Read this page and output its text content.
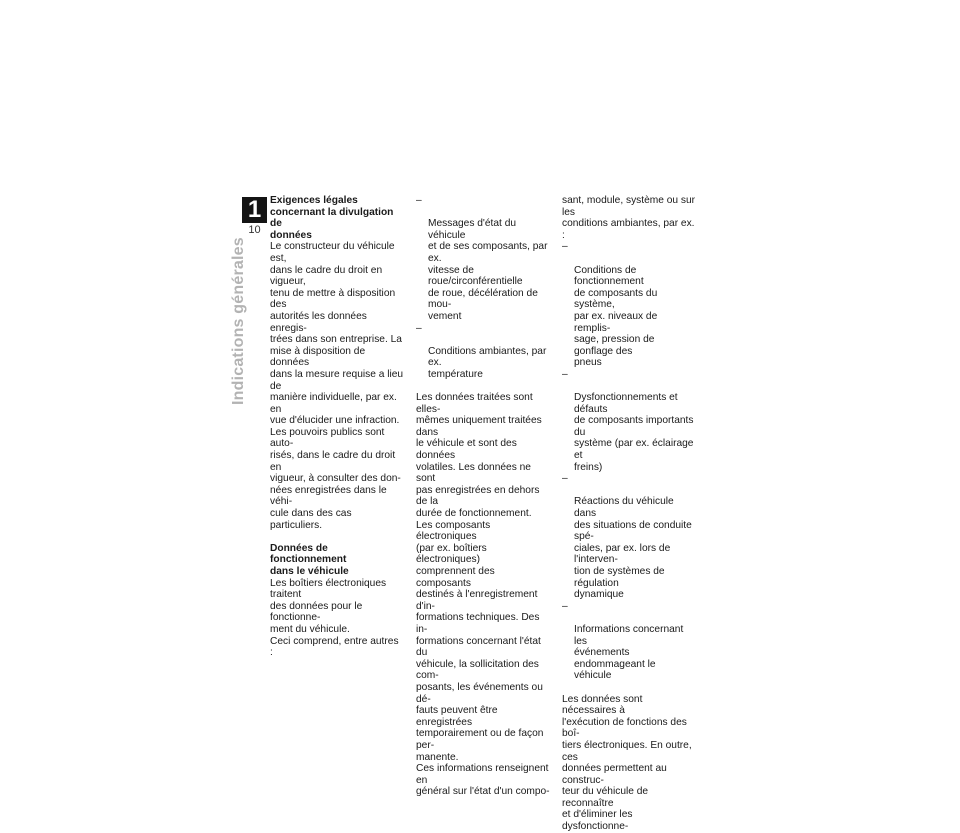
1
10
Indications générales

Exigences légales
concernant la divulgation de
données

Le constructeur du véhicule est,
dans le cadre du droit en vigueur,
tenu de mettre à disposition des
autorités les données enregis-
trées dans son entreprise. La
mise à disposition de données
dans la mesure requise a lieu de
manière individuelle, par ex. en
vue d'élucider une infraction.
Les pouvoirs publics sont auto-
risés, dans le cadre du droit en
vigueur, à consulter des don-
nées enregistrées dans le véhi-
cule dans des cas particuliers.

Données de fonctionnement
dans le véhicule

Les boîtiers électroniques traitent
des données pour le fonctionne-
ment du véhicule.
Ceci comprend, entre autres :

–

Messages d'état du véhicule
et de ses composants, par ex.
vitesse de roue/circonférentielle
de roue, décélération de mou-
vement

–

Conditions ambiantes, par ex.
température

Les données traitées sont elles-
mêmes uniquement traitées dans
le véhicule et sont des données
volatiles. Les données ne sont
pas enregistrées en dehors de la
durée de fonctionnement.
Les composants électroniques
(par ex. boîtiers électroniques)
comprennent des composants
destinés à l'enregistrement d'in-
formations techniques. Des in-
formations concernant l'état du
véhicule, la sollicitation des com-
posants, les événements ou dé-
fauts peuvent être enregistrées
temporairement ou de façon per-
manente.
Ces informations renseignent en
général sur l'état d'un compo-

sant, module, système ou sur les
conditions ambiantes, par ex. :

–

Conditions de fonctionnement
de composants du système,
par ex. niveaux de remplis-
sage, pression de gonflage des
pneus

–

Dysfonctionnements et défauts
de composants importants du
système (par ex. éclairage et
freins)

–

Réactions du véhicule dans
des situations de conduite spé-
ciales, par ex. lors de l'interven-
tion de systèmes de régulation
dynamique

–

Informations concernant les
événements endommageant le
véhicule

Les données sont nécessaires à
l'exécution de fonctions des boî-
tiers électroniques. En outre, ces
données permettent au construc-
teur du véhicule de reconnaître
et d'éliminer les dysfonctionne-
